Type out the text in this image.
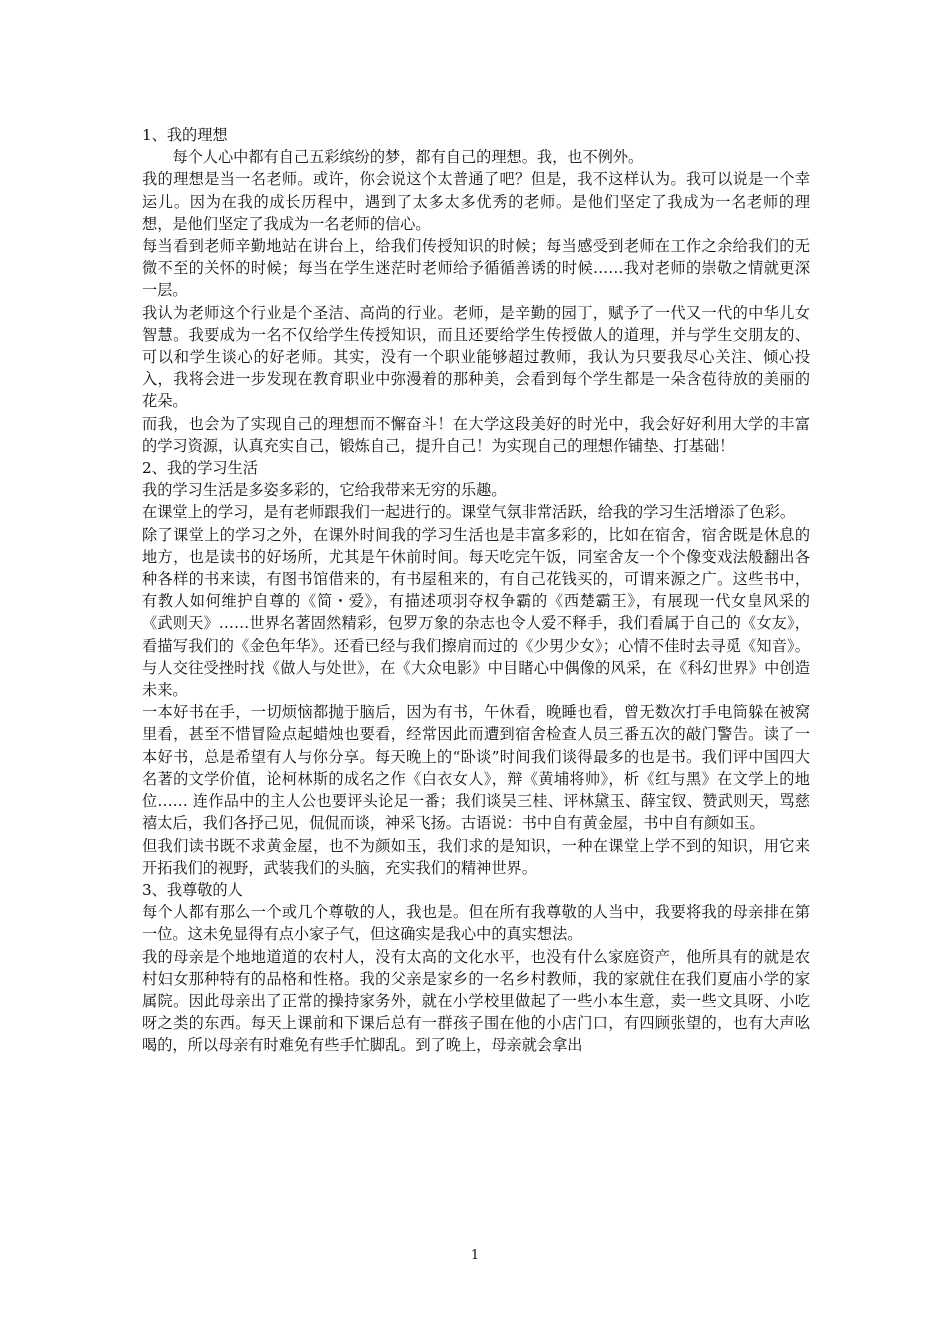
1、我的理想

每个人心中都有自己五彩缤纷的梦，都有自己的理想。我，也不例外。

我的理想是当一名老师。或许，你会说这个太普通了吧？但是，我不这样认为。我可以说是一个幸运儿。因为在我的成长历程中，遇到了太多太多优秀的老师。是他们坚定了我成为一名老师的理想，是他们坚定了我成为一名老师的信心。

每当看到老师辛勤地站在讲台上，给我们传授知识的时候；每当感受到老师在工作之余给我们的无微不至的关怀的时候；每当在学生迷茫时老师给予循循善诱的时候……我对老师的崇敬之情就更深一层。

我认为老师这个行业是个圣洁、高尚的行业。老师，是辛勤的园丁，赋予了一代又一代的中华儿女智慧。我要成为一名不仅给学生传授知识，而且还要给学生传授做人的道理，并与学生交朋友的、可以和学生谈心的好老师。其实，没有一个职业能够超过教师，我认为只要我尽心关注、倾心投入，我将会进一步发现在教育职业中弥漫着的那种美，会看到每个学生都是一朵含苞待放的美丽的花朵。

而我，也会为了实现自己的理想而不懈奋斗！在大学这段美好的时光中，我会好好利用大学的丰富的学习资源，认真充实自己，锻炼自己，提升自己！为实现自己的理想作铺垫、打基础！

2、我的学习生活

我的学习生活是多姿多彩的，它给我带来无穷的乐趣。

在课堂上的学习，是有老师跟我们一起进行的。课堂气氛非常活跃，给我的学习生活增添了色彩。

除了课堂上的学习之外，在课外时间我的学习生活也是丰富多彩的，比如在宿舍，宿舍既是休息的地方，也是读书的好场所，尤其是午休前时间。每天吃完午饭，同室舍友一个个像变戏法般翻出各种各样的书来读，有图书馆借来的，有书屋租来的，有自己花钱买的，可谓来源之广。这些书中，有教人如何维护自尊的《简・爱》，有描述项羽夺权争霸的《西楚霸王》，有展现一代女皇风采的《武则天》……世界名著固然精彩，包罗万象的杂志也令人爱不释手，我们看属于自己的《女友》，看描写我们的《金色年华》。还看已经与我们擦肩而过的《少男少女》；心情不佳时去寻觅《知音》。与人交往受挫时找《做人与处世》，在《大众电影》中目睹心中偶像的风采，在《科幻世界》中创造未来。

一本好书在手，一切烦恼都抛于脑后，因为有书，午休看，晚睡也看，曾无数次打手电筒躲在被窝里看，甚至不惜冒险点起蜡烛也要看，经常因此而遭到宿舍检查人员三番五次的敲门警告。读了一本好书，总是希望有人与你分享。每天晚上的“卧谈”时间我们谈得最多的也是书。我们评中国四大名著的文学价值，论柯林斯的成名之作《白衣女人》，辩《黄埔将帅》，析《红与黑》在文学上的地位…… 连作品中的主人公也要评头论足一番；我们谈吴三桂、评林黛玉、薛宝钗、赞武则天，骂慈禧太后，我们各抒己见，侃侃而谈，神采飞扬。古语说：书中自有黄金屋，书中自有颜如玉。

但我们读书既不求黄金屋，也不为颜如玉，我们求的是知识，一种在课堂上学不到的知识，用它来开拓我们的视野，武装我们的头脑，充实我们的精神世界。

3、我尊敬的人

每个人都有那么一个或几个尊敬的人，我也是。但在所有我尊敬的人当中，我要将我的母亲排在第一位。这未免显得有点小家子气，但这确实是我心中的真实想法。

我的母亲是个地地道道的农村人，没有太高的文化水平，也没有什么家庭资产，他所具有的就是农村妇女那种特有的品格和性格。我的父亲是家乡的一名乡村教师，我的家就住在我们夏庙小学的家属院。因此母亲出了正常的操持家务外，就在小学校里做起了一些小本生意，卖一些文具呀、小吃呀之类的东西。每天上课前和下课后总有一群孩子围在他的小店门口，有四顾张望的，也有大声吆喝的，所以母亲有时难免有些手忙脚乱。到了晚上，母亲就会拿出

1
